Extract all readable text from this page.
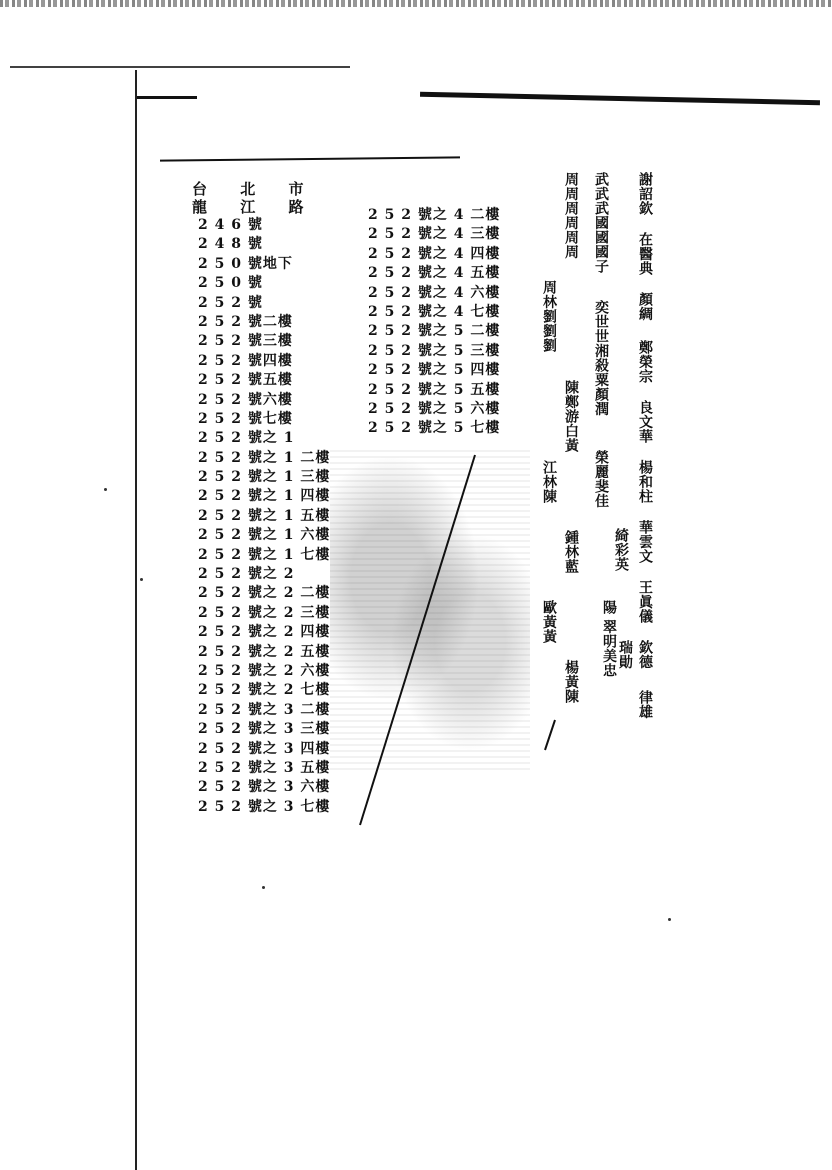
台 北 市
龍 江 路
2 4 6 號
2 4 8 號
2 5 0 號地下
2 5 0 號
2 5 2 號
2 5 2 號二樓
2 5 2 號三樓
2 5 2 號四樓
2 5 2 號五樓
2 5 2 號六樓
2 5 2 號七樓
2 5 2 號之 1
2 5 2 號之 1 二樓
2 5 2 號之 1 三樓
2 5 2 號之 1 四樓
2 5 2 號之 1 五樓
2 5 2 號之 1 六樓
2 5 2 號之 1 七樓
2 5 2 號之 2
2 5 2 號之 2 二樓
2 5 2 號之 2 三樓
2 5 2 號之 2 四樓
2 5 2 號之 2 五樓
2 5 2 號之 2 六樓
2 5 2 號之 2 七樓
2 5 2 號之 3 二樓
2 5 2 號之 3 三樓
2 5 2 號之 3 四樓
2 5 2 號之 3 五樓
2 5 2 號之 3 六樓
2 5 2 號之 3 七樓
2 5 2 號之 4 二樓
2 5 2 號之 4 三樓
2 5 2 號之 4 四樓
2 5 2 號之 4 五樓
2 5 2 號之 4 六樓
2 5 2 號之 4 七樓
2 5 2 號之 5 二樓
2 5 2 號之 5 三樓
2 5 2 號之 5 四樓
2 5 2 號之 5 五樓
2 5 2 號之 5 六樓
2 5 2 號之 5 七樓
謝詔欽
在醫典
顏綢
鄭榮宗
良文華
楊和柱
華雲文
王眞儀
欽德
瑞勛
律雄
武武武國國國子
奕世世湘殺粟顏潤
榮麗斐佳
綺彩英
陽 翠明美忠
周周周周周周
周林劉劉劉
陳鄭游白黃
江林陳
鍾林藍
歐黃黃
楊黃陳
